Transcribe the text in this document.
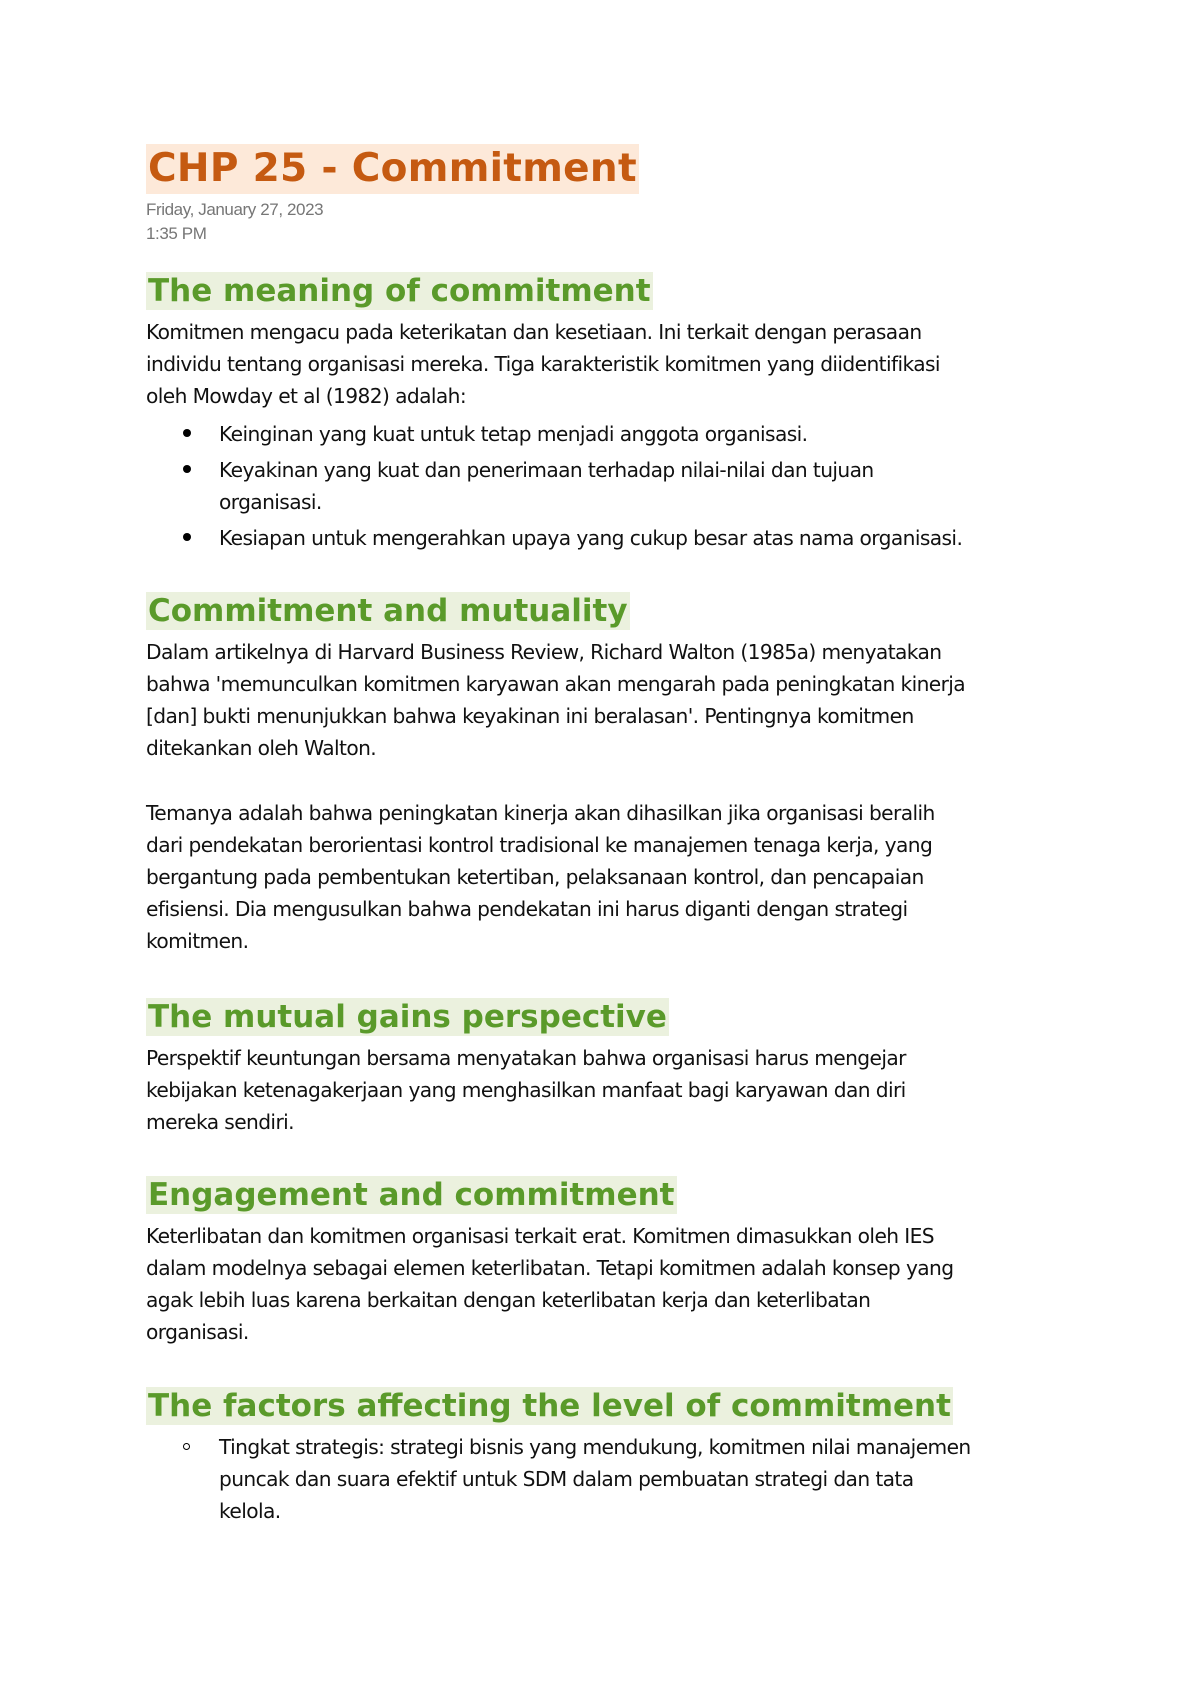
CHP 25 - Commitment
Friday, January 27, 2023
1:35 PM
The meaning of commitment
Komitmen mengacu pada keterikatan dan kesetiaan. Ini terkait dengan perasaan
individu tentang organisasi mereka. Tiga karakteristik komitmen yang diidentifikasi
oleh Mowday et al (1982) adalah:
Keinginan yang kuat untuk tetap menjadi anggota organisasi.
Keyakinan yang kuat dan penerimaan terhadap nilai-nilai dan tujuan
organisasi.
Kesiapan untuk mengerahkan upaya yang cukup besar atas nama organisasi.
Commitment and mutuality
Dalam artikelnya di Harvard Business Review, Richard Walton (1985a) menyatakan
bahwa 'memunculkan komitmen karyawan akan mengarah pada peningkatan kinerja
[dan] bukti menunjukkan bahwa keyakinan ini beralasan'. Pentingnya komitmen
ditekankan oleh Walton.
Temanya adalah bahwa peningkatan kinerja akan dihasilkan jika organisasi beralih
dari pendekatan berorientasi kontrol tradisional ke manajemen tenaga kerja, yang
bergantung pada pembentukan ketertiban, pelaksanaan kontrol, dan pencapaian
efisiensi. Dia mengusulkan bahwa pendekatan ini harus diganti dengan strategi
komitmen.
The mutual gains perspective
Perspektif keuntungan bersama menyatakan bahwa organisasi harus mengejar
kebijakan ketenagakerjaan yang menghasilkan manfaat bagi karyawan dan diri
mereka sendiri.
Engagement and commitment
Keterlibatan dan komitmen organisasi terkait erat. Komitmen dimasukkan oleh IES
dalam modelnya sebagai elemen keterlibatan. Tetapi komitmen adalah konsep yang
agak lebih luas karena berkaitan dengan keterlibatan kerja dan keterlibatan
organisasi.
The factors affecting the level of commitment
Tingkat strategis: strategi bisnis yang mendukung, komitmen nilai manajemen
puncak dan suara efektif untuk SDM dalam pembuatan strategi dan tata
kelola.
